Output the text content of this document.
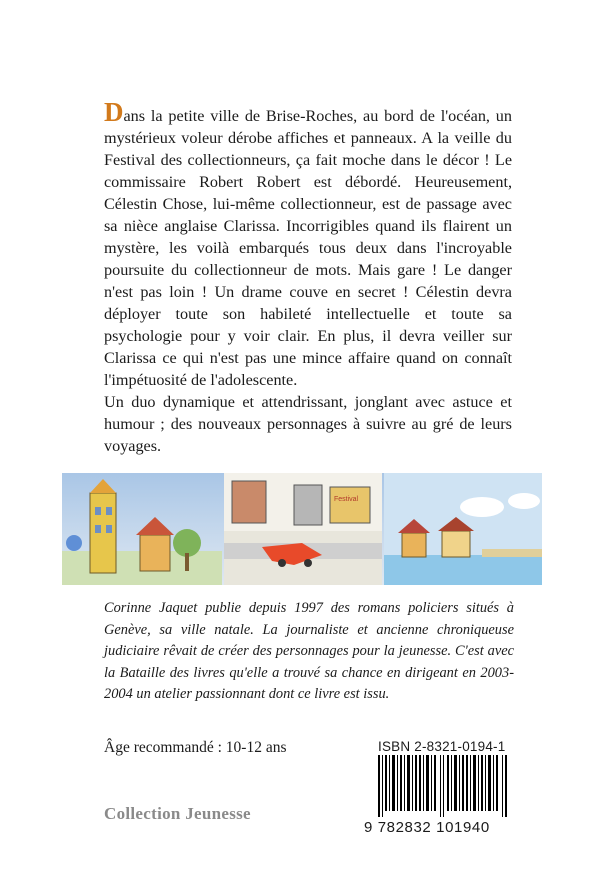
Dans la petite ville de Brise-Roches, au bord de l'océan, un mystérieux voleur dérobe affiches et panneaux. A la veille du Festival des collectionneurs, ça fait moche dans le décor ! Le commissaire Robert Robert est débordé. Heureusement, Célestin Chose, lui-même collectionneur, est de passage avec sa nièce anglaise Clarissa. Incorrigibles quand ils flairent un mystère, les voilà embarqués tous deux dans l'incroyable poursuite du collectionneur de mots. Mais gare ! Le danger n'est pas loin ! Un drame couve en secret ! Célestin devra déployer toute son habileté intellectuelle et toute sa psychologie pour y voir clair. En plus, il devra veiller sur Clarissa ce qui n'est pas une mince affaire quand on connaît l'impétuosité de l'adolescente.

Un duo dynamique et attendrissant, jonglant avec astuce et humour ; des nouveaux personnages à suivre au gré de leurs voyages.

Festival

Corinne Jaquet publie depuis 1997 des romans policiers situés à Genève, sa ville natale. La journaliste et ancienne chroniqueuse judiciaire rêvait de créer des personnages pour la jeunesse. C'est avec la Bataille des livres qu'elle a trouvé sa chance en dirigeant en 2003-2004 un atelier passionnant dont ce livre est issu.

Âge recommandé : 10-12 ans
Collection Jeunesse
ISBN 2-8321-0194-1
9 782832 101940
